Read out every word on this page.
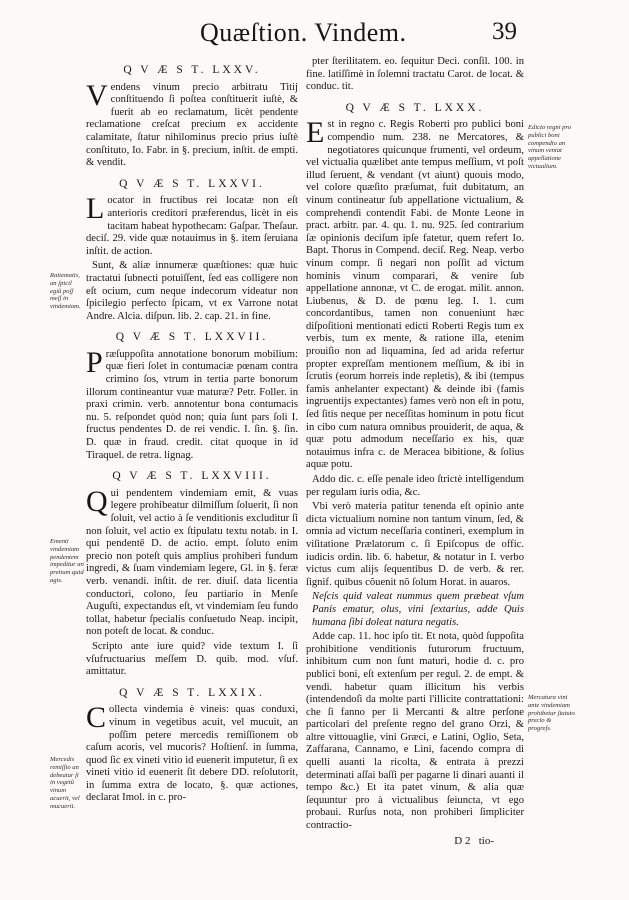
Quæſtion. Vindem.	39
Q V Æ S T. LXXV.
Vendens vinum precio arbitratu Titij conſtituendo ſi poſtea conſtituerit iuſtè, & fuerit ab eo reclamatum, licèt pendente reclamatione creſcat precium ex accidente calamitate, ſtatur nihilominus precio prius iuſtè conſtituto, Io. Fabr. in §. precium, inſtit. de empti. & vendit.
Q V Æ S T. LXXVI.
Locator in fructibus rei locatæ non eſt anterioris creditori præferendus, licèt in eis tacitam habeat hypothecam: Gaſpar. Theſaur. deciſ. 29. vide quæ notauimus in §. item ſeruiana inſtit. de action.
Sunt, & aliæ innumeræ quæſtiones: quæ huic tractatui ſubnecti potuiſſent, ſed eas colligere non eſt ocium, cum neque indecorum videatur non ſpicilegio perfecto ſpicam, vt ex Varrone notat Andre. Alcia. diſpun. lib. 2. cap. 21. in fine.
Q V Æ S T. LXXVII.
Præſuppoſita annotatione bonorum mobilium: quæ fieri ſolet in contumaciæ pœnam contra crimino ſos, vtrum in tertia parte bonorum illorum contineantur vuæ maturæ? Petr. Foller. in praxi crimin. verb. annotentur bona contumacis nu. 5. reſpondet quòd non; quia ſunt pars ſoli I. fructus pendentes D. de rei vendic. I. ſin. §. ſin. D. quæ in fraud. credit. citat quoque in id Tiraquel. de retra. lignag.
Q V Æ S T. LXXVIII.
Qui pendentem vindemiam emit, & vuas legere prohibeatur dilmiſſum ſoluerit, ſi non ſoluit, vel actio à ſe venditionis excluditur ſi non ſoluit, vel actio ex ſtipulatu textu notab. in I. qui pendentē D. de actio. empt. ſoluto enim precio non poteſt quis amplius prohiberi fundum ingredi, & ſuam vindemiam legere, Gl. in §. feræ verb. venandi. inſtit. de rer. diuiſ. data licentia conductori, colono, ſeu partiario in Menſe Auguſti, expectandus eſt, vt vindemiam ſeu fundo tollat, habetur ſpecialis conſuetudo Neap. incipit, non poteſt de locat. & conduc.
Scripto ante iure quid? vide textum I. ſi vſufructuarius meſſem D. quib. mod. vſuf. amittatur.
Q V Æ S T. LXXIX.
Collecta vindemia è vineis: quas conduxi, vinum in vegetibus acuit, vel mucuit, an poſſim petere mercedis remiſſionem ob caſum acoris, vel mucoris? Hoſtienſ. in ſumma, quod ſic ex vineti vitio id euenerit imputetur, ſi ex vineti vitio id euenerit ſit debere DD. reſolutorit, in ſumma extra de locato, §. quæ actiones, declarat Imol. in c. pro-
pter ſterilitatem. eo. ſequitur Deci. conſil. 100. in fine. latiſſimè in ſolemni tractatu Carot. de locat. & conduc. tit.
Q V Æ S T. LXXX.
Est in regno c. Regis Roberti pro publici boni compendio num. 238. ne Mercatores, & negotiatores quicunque frumenti, vel ordeum, vel victualia quælibet ante tempus meſſium, vt poſt illud ſeruent, & vendant (vt aiunt) quouis modo, vel colore quæſito præſumat, fuit dubitatum, an vinum contineatur ſub appellatione victualium, & comprehendi contendit Fabi. de Monte Leone in pract. arbitr. par. 4. qu. 1. nu. 925. ſed contrarium ſæ opinionis deciſum ipſe fatetur, quem refert Io. Bapt. Thorus in Compend. deciſ. Reg. Neap. verbo vinum compr. ſi negari non poſſit ad victum hominis vinum comparari, & venire ſub appellatione annonæ, vt C. de erogat. milit. annon. Liubenus, & D. de pœnu leg. I. 1. cum concordantibus, tamen non conueniunt hæc diſpoſitioni mentionati edicti Roberti Regis tum ex verbis, tum ex mente, & ratione illa, etenim prouiſio non ad liquamina, ſed ad arida refertur propter expreſſam mentionem meſſium, & ibi in ſcrutis (eorum horreis inde repletis), & ibi (tempus famis anhelanter expectant) & deinde ibi (famis ingruentijs expectantes) fames verò non eſt in potu, ſed ſitis neque per neceſſitas hominum in potu ficut in cibo cum natura omnibus prouiderit, de aqua, & quæ potu admodum neceſſario ex his, quæ notauimus infra c. de Meracea bibitione, & ſolius aquæ potu.
Addo dic. c. eſſe penale ideo ſtrictè intelligendum per regulam iuris odia, &c.
Vbi verò materia patitur tenenda eſt opinio ante dicta victualium nomine non tantum vinum, ſed, & omnia ad victum neceſſaria contineri, exemplum in viſitatione Prælatorum c. ſi Epiſcopus de offic. iudicis ordin. lib. 6. habetur, & notatur in I. verbo victus cum alijs ſequentibus D. de verb. & rer. ſignif. quibus cõuenit nõ ſolum Horat. in auaros.
Neſcis quid valeat nummus quem præbeat vſum Panis ematur, olus, vini ſextarius, adde Quis humana ſibi doleat natura negatis.
Adde cap. 11. hoc ipſo tit. Et nota, quòd ſuppoſita prohibitione venditionis futurorum fructuum, inhibitum cum non ſunt maturi, hodie d. c. pro publici boni, eſt extenſum per regul. 2. de empt. & vendi. habetur quam illicitum his verbis (intendendoſi da molte parti l'illicite contrattationi: che ſi fanno per li Mercanti & altre perſone particolari del preſente regno del grano Orzi, & altre vittouaglie, vini Græci, e Latini, Oglio, Seta, Zaffarana, Cannamo, e Lini, facendo compra di quelli auanti la ricolta, & entrata à prezzi determinati aſſai baſſi per pagarne li dinari auanti il tempo &c.) Et ita patet vinum, & alia quæ ſequuntur pro à victualibus ſeiuncta, vt ego probaui. Rurſus nota, non prohiberi ſimpliciter contractio-
D 2 tio-
Ratiematis, an ſpicil egiũ poſſ meſſ in vindemiam.
Ementi vindemiam pendentem impeditur an pretium quid agis.
Mercedis remiſſio an debeatur ſi in vegetũ vinum acuerit, vel mucuerit.
Edicto regni pro publici boni compendio an vinum veniat appellatione victualium.
Mercatura vini ante vindemiam prohibetur ſtatuto precio & progreſs.
